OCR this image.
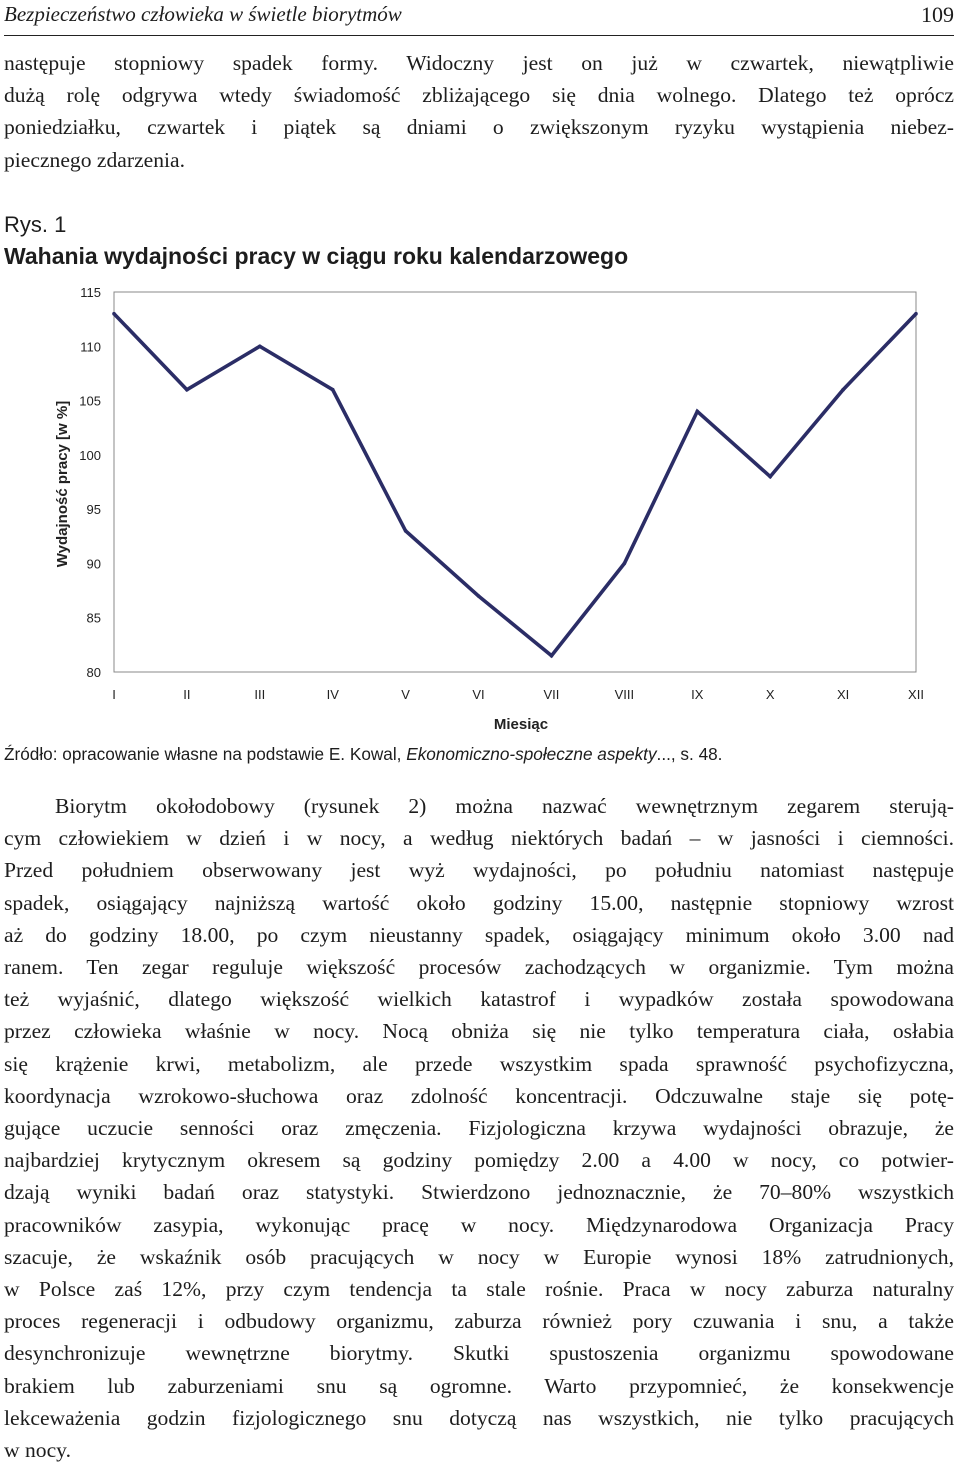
Bezpieczeństwo człowieka w świetle biorytmów	109
następuje stopniowy spadek formy. Widoczny jest on już w czwartek, niewątpliwie
dużą rolę odgrywa wtedy świadomość zbliżającego się dnia wolnego. Dlatego też oprócz
poniedziałku, czwartek i piątek są dniami o zwiększonym ryzyku wystąpienia niebez-
piecznego zdarzenia.
Rys. 1
Wahania wydajności pracy w ciągu roku kalendarzowego
80
85
90
95
100
105
110
115
I	II	III	IV	V	VI	VII	VIII	IX	X	XI	XII
Miesiąc
Wydajność pracy [w %]
Źródło: opracowanie własne na podstawie E. Kowal, Ekonomiczno-społeczne aspekty..., s. 48.
Biorytm okołodobowy (rysunek 2) można nazwać wewnętrznym zegarem sterują-
cym człowiekiem w dzień i w nocy, a według niektórych badań – w jasności i ciemności.
Przed południem obserwowany jest wyż wydajności, po południu natomiast następuje
spadek, osiągający najniższą wartość około godziny 15.00, następnie stopniowy wzrost
aż do godziny 18.00, po czym nieustanny spadek, osiągający minimum około 3.00 nad
ranem. Ten zegar reguluje większość procesów zachodzących w organizmie. Tym można
też wyjaśnić, dlatego większość wielkich katastrof i wypadków została spowodowana
przez człowieka właśnie w nocy. Nocą obniża się nie tylko temperatura ciała, osłabia
się krążenie krwi, metabolizm, ale przede wszystkim spada sprawność psychofizyczna,
koordynacja wzrokowo-słuchowa oraz zdolność koncentracji. Odczuwalne staje się potę-
gujące uczucie senności oraz zmęczenia. Fizjologiczna krzywa wydajności obrazuje, że
najbardziej krytycznym okresem są godziny pomiędzy 2.00 a 4.00 w nocy, co potwier-
dzają wyniki badań oraz statystyki. Stwierdzono jednoznacznie, że 70–80% wszystkich
pracowników zasypia, wykonując pracę w nocy. Międzynarodowa Organizacja Pracy
szacuje, że wskaźnik osób pracujących w nocy w Europie wynosi 18% zatrudnionych,
w Polsce zaś 12%, przy czym tendencja ta stale rośnie. Praca w nocy zaburza naturalny
proces regeneracji i odbudowy organizmu, zaburza również pory czuwania i snu, a także
desynchronizuje wewnętrzne biorytmy. Skutki spustoszenia organizmu spowodowane
brakiem lub zaburzeniami snu są ogromne. Warto przypomnieć, że konsekwencje
lekceważenia godzin fizjologicznego snu dotyczą nas wszystkich, nie tylko pracujących
w nocy.
